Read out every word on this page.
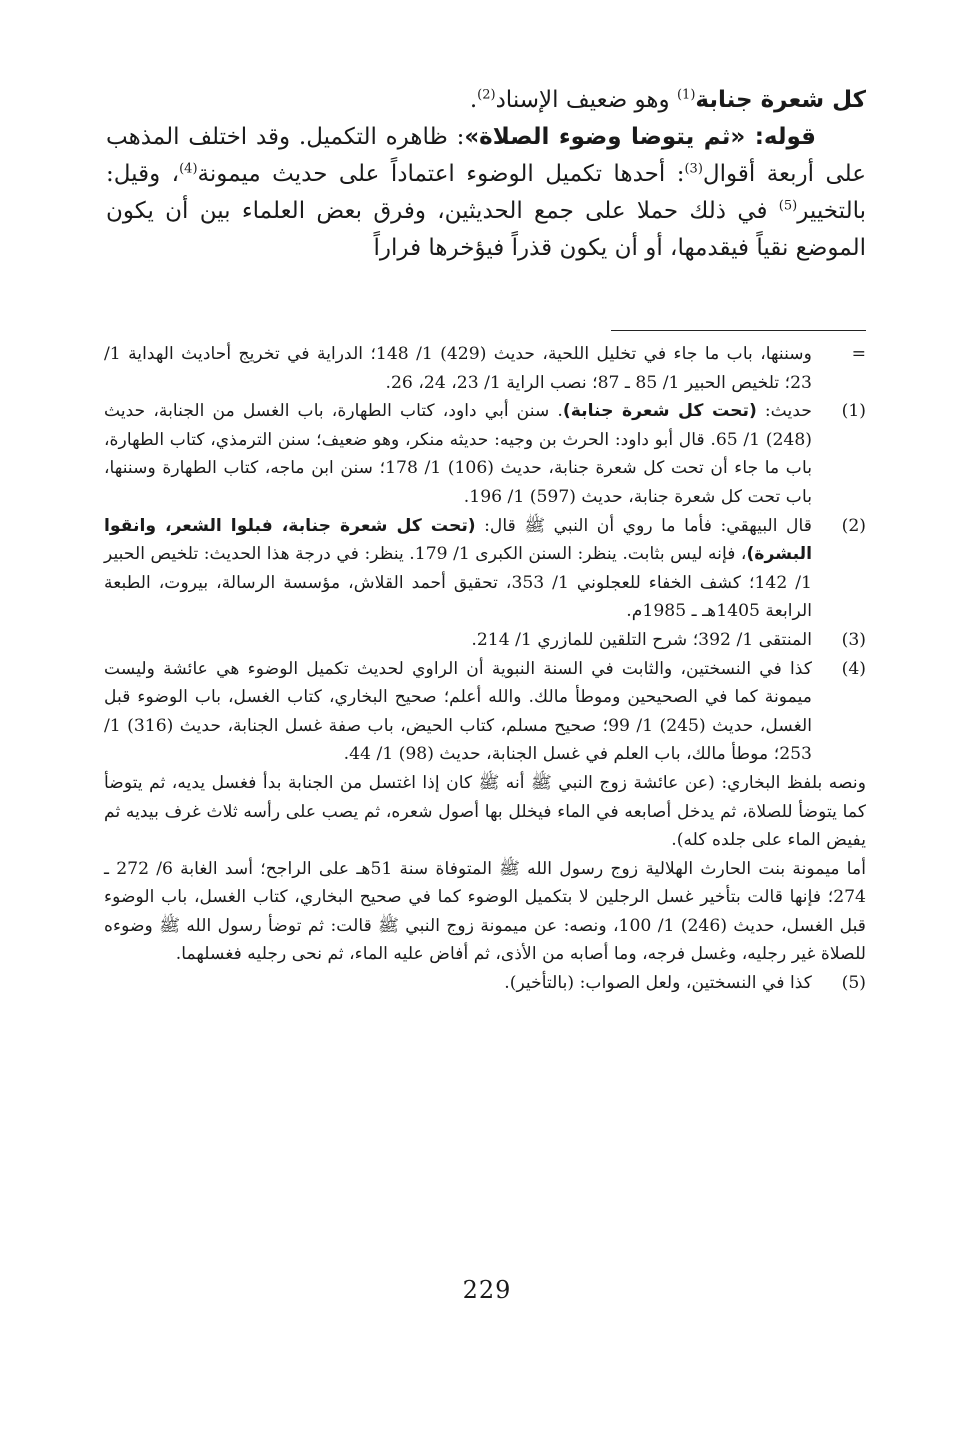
كل شعرة جنابة$^{(1)}$ وهو ضعيف الإسناد$^{(2)}$.

قوله: «ثم يتوضا وضوء الصلاة»: ظاهره التكميل. وقد اختلف المذهب على أربعة أقوال$^{(3)}$: أحدها تكميل الوضوء اعتماداً على حديث ميمونة$^{(4)}$، وقيل: بالتخيير$^{(5)}$ في ذلك حملا على جمع الحديثين، وفرق بعض العلماء بين أن يكون الموضع نقياً فيقدمها، أو أن يكون قذراً فيؤخرها فراراً

=
وسننها، باب ما جاء في تخليل اللحية، حديث (429) 1/ 148؛ الدراية في تخريج أحاديث الهداية 1/ 23؛ تلخيص الحبير 1/ 85 ـ 87؛ نصب الراية 1/ 23، 24، 26.
(1)
حديث: (تحت كل شعرة جنابة). سنن أبي داود، كتاب الطهارة، باب الغسل من الجنابة، حديث (248) 1/ 65. قال أبو داود: الحرث بن وجيه: حديثه منكر، وهو ضعيف؛ سنن الترمذي، كتاب الطهارة، باب ما جاء أن تحت كل شعرة جنابة، حديث (106) 1/ 178؛ سنن ابن ماجه، كتاب الطهارة وسننها، باب تحت كل شعرة جنابة، حديث (597) 1/ 196.
(2)
قال البيهقي: فأما ما روي أن النبي ﷺ قال: (تحت كل شعرة جنابة، فبلوا الشعر، وانقوا البشرة)، فإنه ليس بثابت. ينظر: السنن الكبرى 1/ 179. ينظر: في درجة هذا الحديث: تلخيص الحبير 1/ 142؛ كشف الخفاء للعجلوني 1/ 353، تحقيق أحمد القلاش، مؤسسة الرسالة، بيروت، الطبعة الرابعة 1405هـ ـ 1985م.
(3)
المنتقى 1/ 392؛ شرح التلقين للمازري 1/ 214.
(4)
كذا في النسختين، والثابت في السنة النبوية أن الراوي لحديث تكميل الوضوء هي عائشة وليست ميمونة كما في الصحيحين وموطأ مالك. والله أعلم؛ صحيح البخاري، كتاب الغسل، باب الوضوء قبل الغسل، حديث (245) 1/ 99؛ صحيح مسلم، كتاب الحيض، باب صفة غسل الجنابة، حديث (316) 1/ 253؛ موطأ مالك، باب العلم في غسل الجنابة، حديث (98) 1/ 44.

ونصه بلفظ البخاري: (عن عائشة زوج النبي ﷺ أنه ﷺ كان إذا اغتسل من الجنابة بدأ فغسل يديه، ثم يتوضأ كما يتوضأ للصلاة، ثم يدخل أصابعه في الماء فيخلل بها أصول شعره، ثم يصب على رأسه ثلاث غرف بيديه ثم يفيض الماء على جلده كله).

أما ميمونة بنت الحارث الهلالية زوج رسول الله ﷺ المتوفاة سنة 51هـ على الراجح؛ أسد الغابة 6/ 272 ـ 274؛ فإنها قالت بتأخير غسل الرجلين لا بتكميل الوضوء كما في صحيح البخاري، كتاب الغسل، باب الوضوء قبل الغسل، حديث (246) 1/ 100، ونصه: عن ميمونة زوج النبي ﷺ قالت: ثم توضأ رسول الله ﷺ وضوءه للصلاة غير رجليه، وغسل فرجه، وما أصابه من الأذى، ثم أفاض عليه الماء، ثم نحى رجليه فغسلهما.

(5)
كذا في النسختين، ولعل الصواب: (بالتأخير).
229
